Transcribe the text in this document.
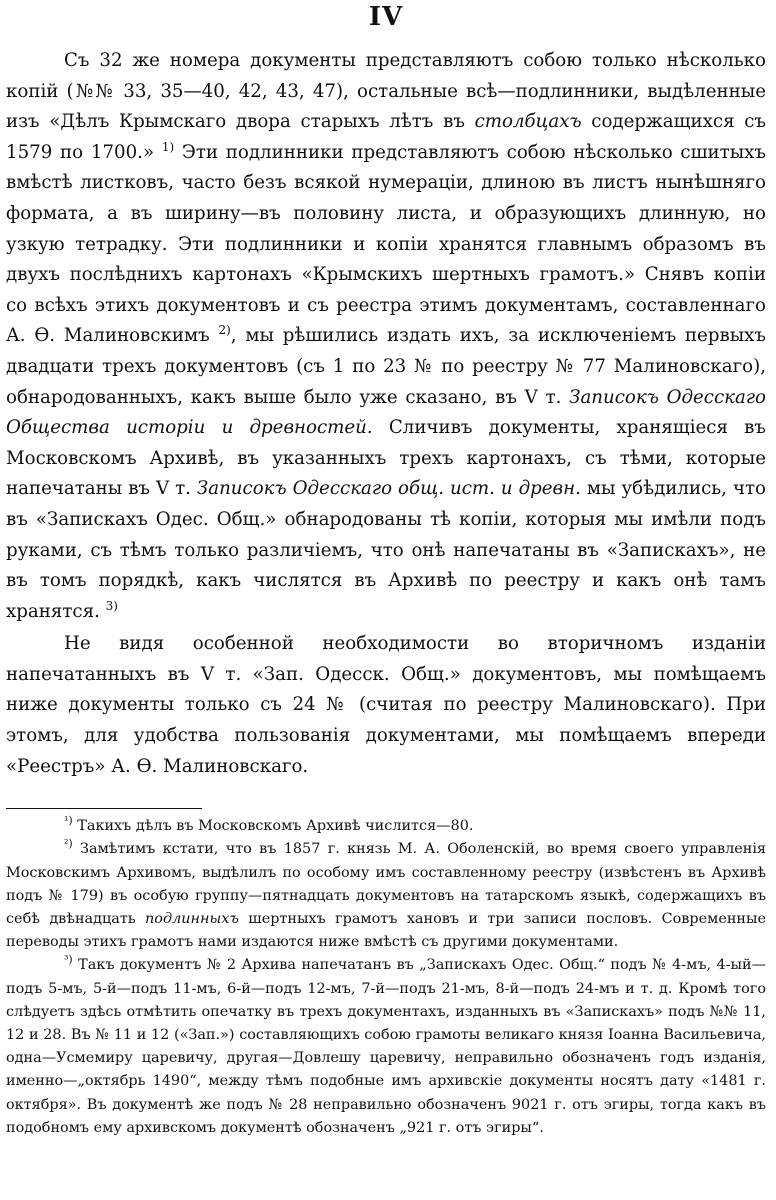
IV

Съ 32 же номера документы представляютъ собою только нѣсколько копій (№№ 33, 35—40, 42, 43, 47), остальные всѣ—подлинники, выдѣленные изъ «Дѣлъ Крымскаго двора старыхъ лѣтъ въ столбцахъ содержащихся съ 1579 по 1700.» $^{1)}$ Эти подлинники представляютъ собою нѣсколько сшитыхъ вмѣстѣ листковъ, часто безъ всякой нумераціи, длиною въ листъ нынѣшняго формата, а въ ширину—въ половину листа, и образующихъ длинную, но узкую тетрадку. Эти подлинники и копіи хранятся главнымъ образомъ въ двухъ послѣднихъ картонахъ «Крымскихъ шертныхъ грамотъ.» Снявъ копіи со всѣхъ этихъ документовъ и съ реестра этимъ документамъ, составленнаго А. Ѳ. Малиновскимъ $^{2)}$, мы рѣшились издать ихъ, за исключеніемъ первыхъ двадцати трехъ документовъ (съ 1 по 23 № по реестру № 77 Малиновскаго), обнародованныхъ, какъ выше было уже сказано, въ V т. Записокъ Одесскаго Общества исторіи и древностей. Сличивъ документы, хранящіеся въ Московскомъ Архивѣ, въ указанныхъ трехъ картонахъ, съ тѣми, которые напечатаны въ V т. Записокъ Одесскаго общ. ист. и древн. мы убѣдились, что въ «Запискахъ Одес. Общ.» обнародованы тѣ копіи, которыя мы имѣли подъ руками, съ тѣмъ только различіемъ, что онѣ напечатаны въ «Запискахъ», не въ томъ порядкѣ, какъ числятся въ Архивѣ по реестру и какъ онѣ тамъ хранятся. $^{3)}$

Не видя особенной необходимости во вторичномъ изданіи напечатанныхъ въ V т. «Зап. Одесск. Общ.» документовъ, мы помѣщаемъ ниже документы только съ 24 № (считая по реестру Малиновскаго). При этомъ, для удобства пользованія документами, мы помѣщаемъ впереди «Реестръ» А. Ѳ. Малиновскаго.

$^{^1)}$ Такихъ дѣлъ въ Московскомъ Архивѣ числится—80.

$^{^2)}$ Замѣтимъ кстати, что въ 1857 г. князь М. А. Оболенскій, во время своего управленія Московскимъ Архивомъ, выдѣлилъ по особому имъ составленному реестру (извѣстенъ въ Архивѣ подъ № 179) въ особую группу—пятнадцать документовъ на татарскомъ языкѣ, содержащихъ въ себѣ двѣнадцать подлинныхъ шертныхъ грамотъ хановъ и три записи пословъ. Современные переводы этихъ грамотъ нами издаются ниже вмѣстѣ съ другими документами.

$^{^3)}$ Такъ документъ № 2 Архива напечатанъ въ „Запискахъ Одес. Общ.“ подъ № 4-мъ, 4-ый—подъ 5-мъ, 5-й—подъ 11-мъ, 6-й—подъ 12-мъ, 7-й—подъ 21-мъ, 8-й—подъ 24-мъ и т. д. Кромѣ того слѣдуетъ здѣсь отмѣтить опечатку въ трехъ документахъ, изданныхъ въ «Запискахъ» подъ №№ 11, 12 и 28. Въ № 11 и 12 («Зап.») составляющихъ собою грамоты великаго князя Іоанна Васильевича, одна—Усмемиру царевичу, другая—Довлешу царевичу, неправильно обозначенъ годъ изданія, именно—„октябрь 1490“, между тѣмъ подобные имъ архивскіе документы носятъ дату «1481 г. октября». Въ документѣ же подъ № 28 неправильно обозначенъ 9021 г. отъ эгиры, тогда какъ въ подобномъ ему архивскомъ документѣ обозначенъ „921 г. отъ эгиры“.
